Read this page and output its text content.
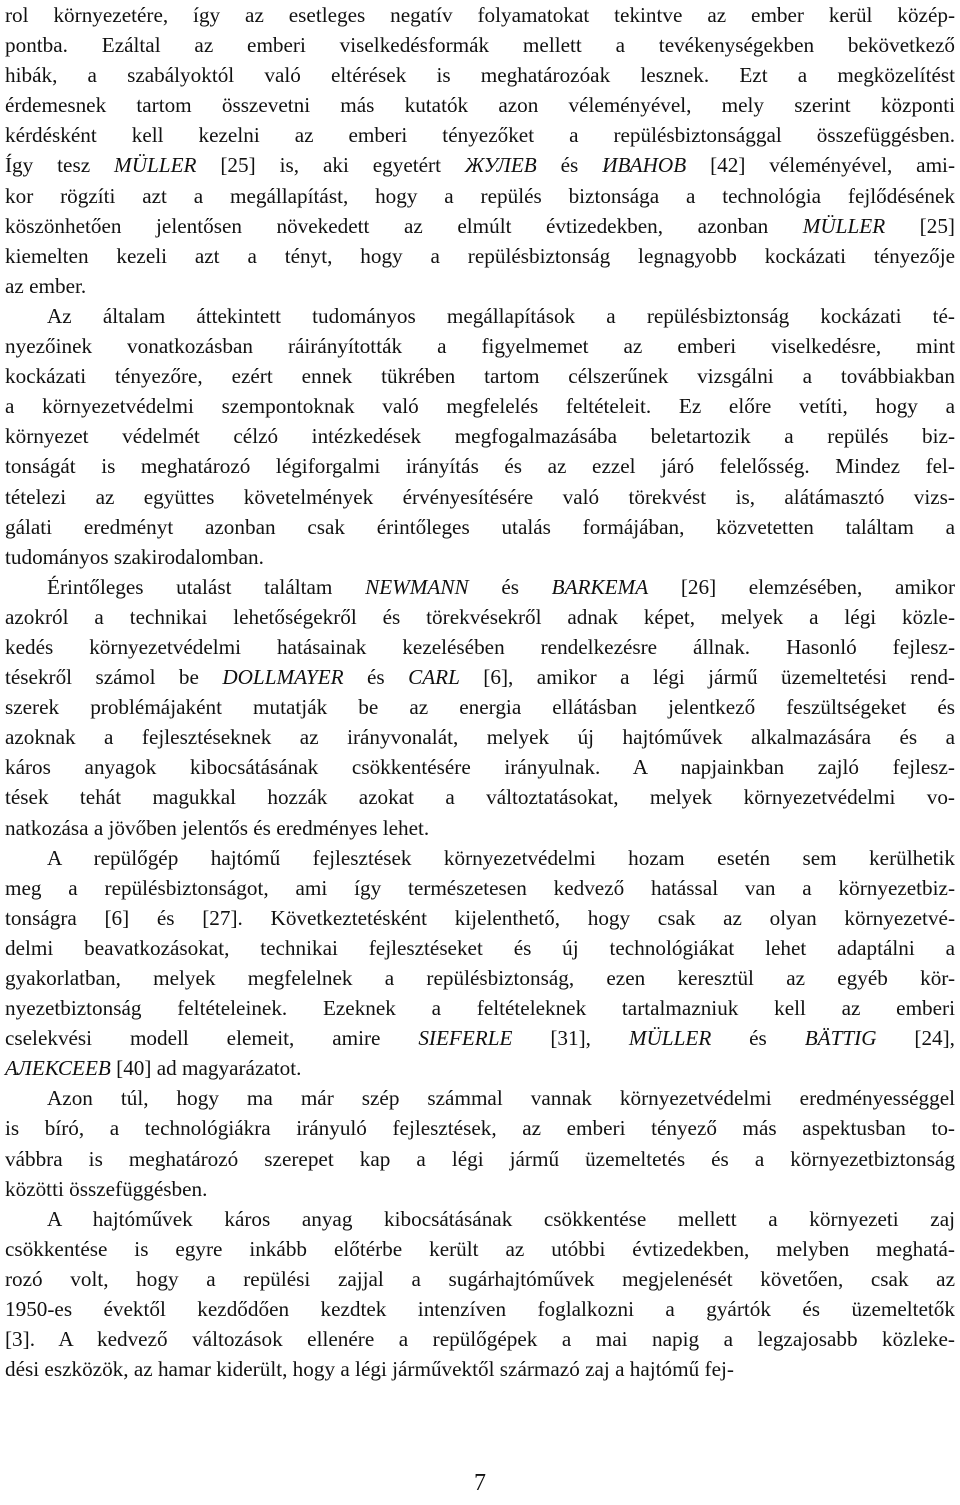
rol környezetére, így az esetleges negatív folyamatokat tekintve az ember kerül közép-
pontba. Ezáltal az emberi viselkedésformák mellett a tevékenységekben bekövetkező
hibák, a szabályoktól való eltérések is meghatározóak lesznek. Ezt a megközelítést
érdemesnek tartom összevetni más kutatók azon véleményével, mely szerint központi
kérdésként kell kezelni az emberi tényezőket a repülésbiztonsággal összefüggésben.
Így tesz MÜLLER [25] is, aki egyetért ЖУЛЕВ és ИВАНОВ [42] véleményével, ami-
kor rögzíti azt a megállapítást, hogy a repülés biztonsága a technológia fejlődésének
köszönhetően jelentősen növekedett az elmúlt évtizedekben, azonban MÜLLER [25]
kiemelten kezeli azt a tényt, hogy a repülésbiztonság legnagyobb kockázati tényezője
az ember.

Az általam áttekintett tudományos megállapítások a repülésbiztonság kockázati té-
nyezőinek vonatkozásban ráirányították a figyelmemet az emberi viselkedésre, mint
kockázati tényezőre, ezért ennek tükrében tartom célszerűnek vizsgálni a továbbiakban
a környezetvédelmi szempontoknak való megfelelés feltételeit. Ez előre vetíti, hogy a
környezet védelmét célzó intézkedések megfogalmazásába beletartozik a repülés biz-
tonságát is meghatározó légiforgalmi irányítás és az ezzel járó felelősség. Mindez fel-
tételezi az együttes követelmények érvényesítésére való törekvést is, alátámasztó vizs-
gálati eredményt azonban csak érintőleges utalás formájában, közvetetten találtam a
tudományos szakirodalomban.

Érintőleges utalást találtam NEWMANN és BARKEMA [26] elemzésében, amikor
azokról a technikai lehetőségekről és törekvésekről adnak képet, melyek a légi közle-
kedés környezetvédelmi hatásainak kezelésében rendelkezésre állnak. Hasonló fejlesz-
tésekről számol be DOLLMAYER és CARL [6], amikor a légi jármű üzemeltetési rend-
szerek problémájaként mutatják be az energia ellátásban jelentkező feszültségeket és
azoknak a fejlesztéseknek az irányvonalát, melyek új hajtóművek alkalmazására és a
káros anyagok kibocsátásának csökkentésére irányulnak. A napjainkban zajló fejlesz-
tések tehát magukkal hozzák azokat a változtatásokat, melyek környezetvédelmi vo-
natkozása a jövőben jelentős és eredményes lehet.

A repülőgép hajtómű fejlesztések környezetvédelmi hozam esetén sem kerülhetik
meg a repülésbiztonságot, ami így természetesen kedvező hatással van a környezetbiz-
tonságra [6] és [27]. Következtetésként kijelenthető, hogy csak az olyan környezetvé-
delmi beavatkozásokat, technikai fejlesztéseket és új technológiákat lehet adaptálni a
gyakorlatban, melyek megfelelnek a repülésbiztonság, ezen keresztül az egyéb kör-
nyezetbiztonság feltételeinek. Ezeknek a feltételeknek tartalmazniuk kell az emberi
cselekvési modell elemeit, amire SIEFERLE [31], MÜLLER és BÄTTIG [24],
АЛЕКСЕЕВ [40] ad magyarázatot.

Azon túl, hogy ma már szép számmal vannak környezetvédelmi eredményességgel
is bíró, a technológiákra irányuló fejlesztések, az emberi tényező más aspektusban to-
vábbra is meghatározó szerepet kap a légi jármű üzemeltetés és a környezetbiztonság
közötti összefüggésben.

A hajtóművek káros anyag kibocsátásának csökkentése mellett a környezeti zaj
csökkentése is egyre inkább előtérbe került az utóbbi évtizedekben, melyben meghatá-
rozó volt, hogy a repülési zajjal a sugárhajtóművek megjelenését követően, csak az
1950-es évektől kezdődően kezdtek intenzíven foglalkozni a gyártók és üzemeltetők
[3]. A kedvező változások ellenére a repülőgépek a mai napig a legzajosabb közleke-
dési eszközök, az hamar kiderült, hogy a légi járművektől származó zaj a hajtómű fej-

7
